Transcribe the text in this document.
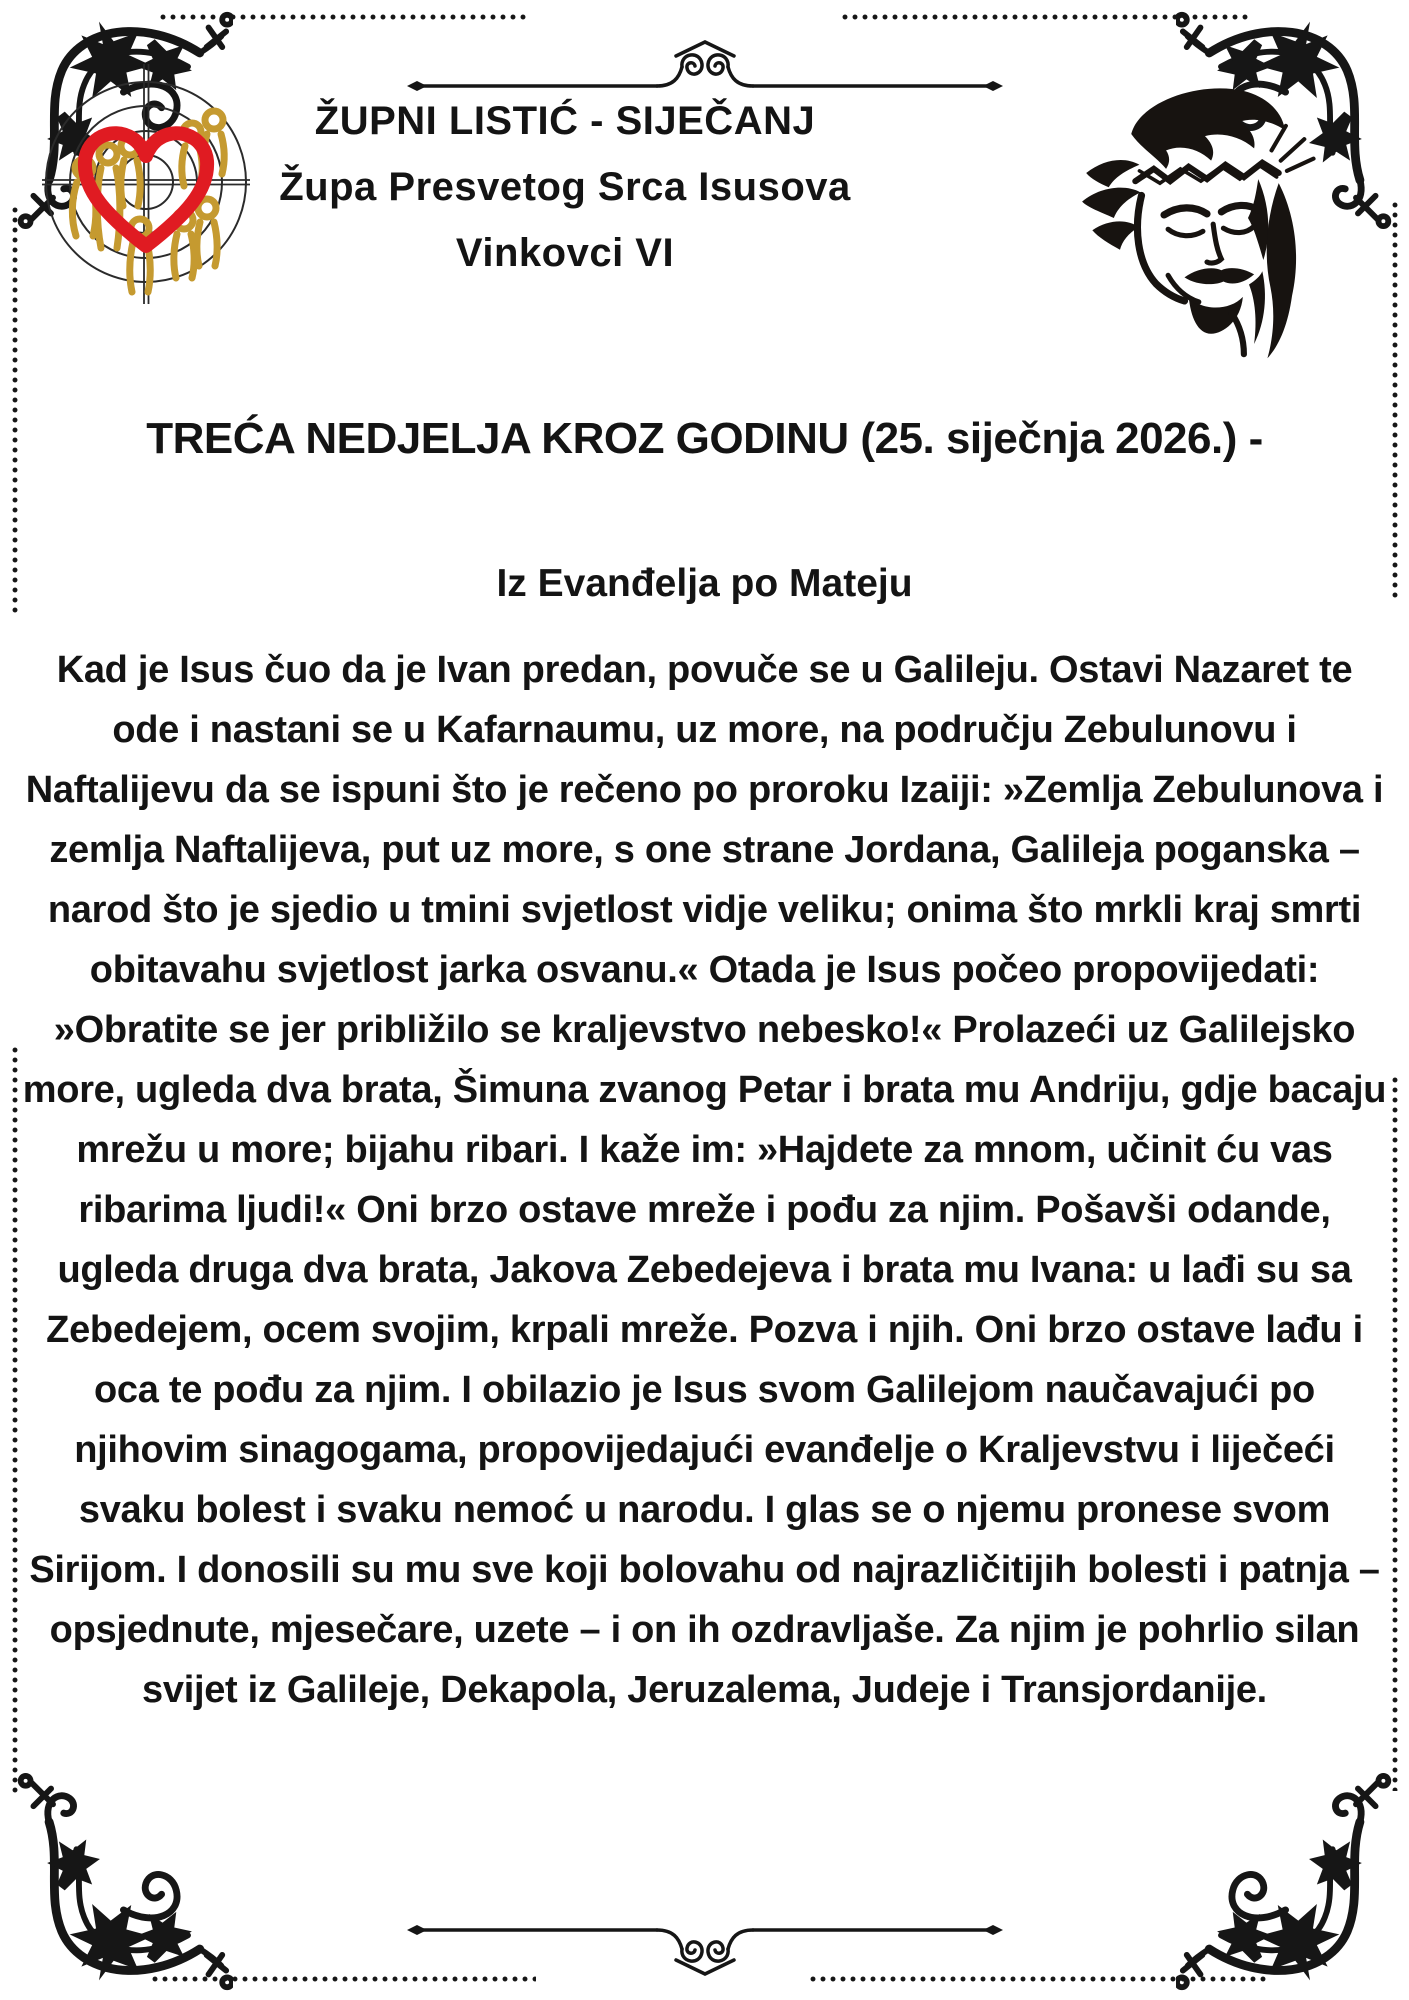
ŽUPNI LISTIĆ - SIJEČANJ
Župa Presvetog Srca Isusova
Vinkovci VI
TREĆA NEDJELJA KROZ GODINU (25. siječnja 2026.) -
Iz Evanđelja po Mateju
Kad je Isus čuo da je Ivan predan, povuče se u Galileju. Ostavi Nazaret te ode i nastani se u Kafarnaumu, uz more, na području Zebulunovu i Naftalijevu da se ispuni što je rečeno po proroku Izaiji: »Zemlja Zebulunova i zemlja Naftalijeva, put uz more, s one strane Jordana, Galileja poganska –narod što je sjedio u tmini svjetlost vidje veliku; onima što mrkli kraj smrti obitavahu svjetlost jarka osvanu.« Otada je Isus počeo propovijedati: »Obratite se jer približilo se kraljevstvo nebesko!« Prolazeći uz Galilejsko more, ugleda dva brata, Šimuna zvanog Petar i brata mu Andriju, gdje bacaju mrežu u more; bijahu ribari. I kaže im: »Hajdete za mnom, učinit ću vas ribarima ljudi!« Oni brzo ostave mreže i pođu za njim. Pošavši odande, ugleda druga dva brata, Jakova Zebedejeva i brata mu Ivana: u lađi su sa Zebedejem, ocem svojim, krpali mreže. Pozva i njih. Oni brzo ostave lađu i oca te pođu za njim. I obilazio je Isus svom Galilejom naučavajući po njihovim sinagogama, propovijedajući evanđelje o Kraljevstvu i liječeći svaku bolest i svaku nemoć u narodu. I glas se o njemu pronese svom Sirijom. I donosili su mu sve koji bolovahu od najrazličitijih bolesti i patnja – opsjednute, mjesečare, uzete – i on ih ozdravljaše. Za njim je pohrlio silan svijet iz Galileje, Dekapola, Jeruzalema, Judeje i Transjordanije.
